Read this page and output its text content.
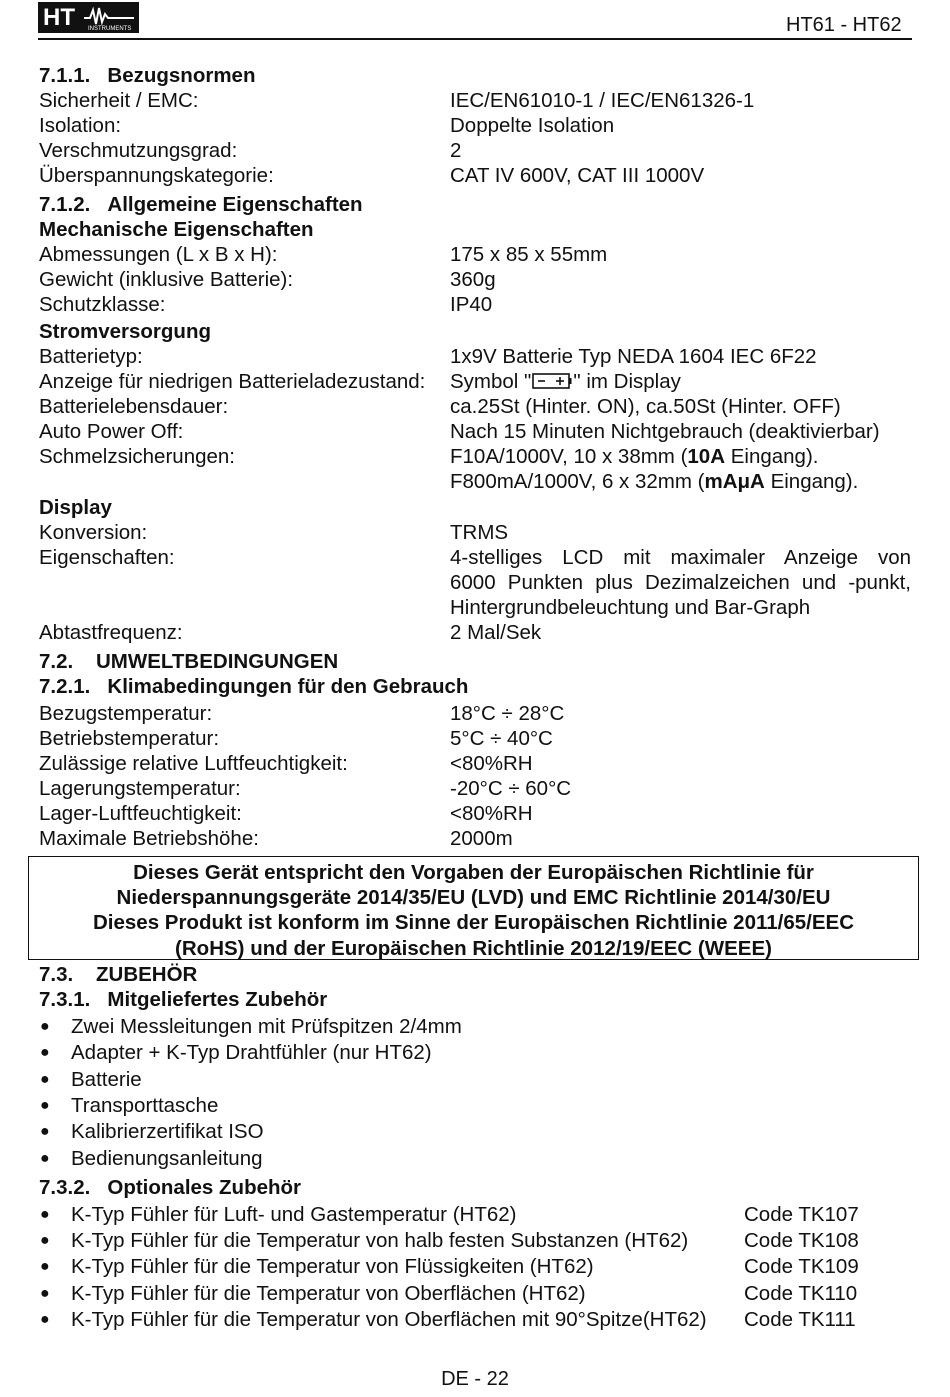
HT INSTRUMENTS	HT61 - HT62
7.1.1. Bezugsnormen
Sicherheit / EMC:	IEC/EN61010-1 / IEC/EN61326-1
Isolation:	Doppelte Isolation
Verschmutzungsgrad:	2
Überspannungskategorie:	CAT IV 600V, CAT III 1000V
7.1.2. Allgemeine Eigenschaften
Mechanische Eigenschaften
Abmessungen (L x B x H):	175 x 85 x 55mm
Gewicht (inklusive Batterie):	360g
Schutzklasse:	IP40
Stromversorgung
Batterietyp:	1x9V Batterie Typ NEDA 1604 IEC 6F22
Anzeige für niedrigen Batterieladezustand: Symbol " " im Display
Batterielebensdauer:	ca.25St (Hinter. ON), ca.50St (Hinter. OFF)
Auto Power Off:	Nach 15 Minuten Nichtgebrauch (deaktivierbar)
Schmelzsicherungen:	F10A/1000V, 10 x 38mm (10A Eingang).
F800mA/1000V, 6 x 32mm (mAμA Eingang).
Display
Konversion:	TRMS
Eigenschaften:	4-stelliges LCD mit maximaler Anzeige von
6000 Punkten plus Dezimalzeichen und -punkt,
Hintergrundbeleuchtung und Bar-Graph
Abtastfrequenz:	2 Mal/Sek
7.2. UMWELTBEDINGUNGEN
7.2.1. Klimabedingungen für den Gebrauch
Bezugstemperatur:	18°C ÷ 28°C
Betriebstemperatur:	5°C ÷ 40°C
Zulässige relative Luftfeuchtigkeit:	<80%RH
Lagerungstemperatur:	-20°C ÷ 60°C
Lager-Luftfeuchtigkeit:	<80%RH
Maximale Betriebshöhe:	2000m
Dieses Gerät entspricht den Vorgaben der Europäischen Richtlinie für
Niederspannungsgeräte 2014/35/EU (LVD) und EMC Richtlinie 2014/30/EU
Dieses Produkt ist konform im Sinne der Europäischen Richtlinie 2011/65/EEC
(RoHS) und der Europäischen Richtlinie 2012/19/EEC (WEEE)
7.3. ZUBEHÖR
7.3.1. Mitgeliefertes Zubehör
● Zwei Messleitungen mit Prüfspitzen 2/4mm
● Adapter + K-Typ Drahtfühler (nur HT62)
● Batterie
● Transporttasche
● Kalibrierzertifikat ISO
● Bedienungsanleitung
7.3.2. Optionales Zubehör
● K-Typ Fühler für Luft- und Gastemperatur (HT62)	Code TK107
● K-Typ Fühler für die Temperatur von halb festen Substanzen (HT62)	Code TK108
● K-Typ Fühler für die Temperatur von Flüssigkeiten (HT62)	Code TK109
● K-Typ Fühler für die Temperatur von Oberflächen (HT62)	Code TK110
● K-Typ Fühler für die Temperatur von Oberflächen mit 90°Spitze(HT62) Code TK111
DE - 22
